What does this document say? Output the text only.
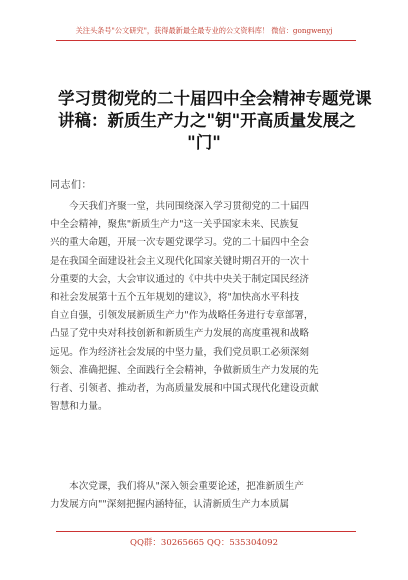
关注头条号"公文研究"，获得最新最全最专业的公文资料库！ 微信：gongwenyj
学习贯彻党的二十届四中全会精神专题党课
讲稿：新质生产力之"钥"开高质量发展之
"门"
同志们：
　　今天我们齐聚一堂，共同围绕深入学习贯彻党的二十届四
中全会精神，聚焦"新质生产力"这一关乎国家未来、民族复
兴的重大命题，开展一次专题党课学习。党的二十届四中全会
是在我国全面建设社会主义现代化国家关键时期召开的一次十
分重要的大会，大会审议通过的《中共中央关于制定国民经济
和社会发展第十五个五年规划的建议》，将"加快高水平科技
自立自强，引领发展新质生产力"作为战略任务进行专章部署，
凸显了党中央对科技创新和新质生产力发展的高度重视和战略
远见。作为经济社会发展的中坚力量，我们党员职工必须深刻
领会、准确把握、全面践行全会精神，争做新质生产力发展的先
行者、引领者、推动者，为高质量发展和中国式现代化建设贡献
智慧和力量。
　　本次党课，我们将从"深入领会重要论述，把准新质生产
力发展方向""深刻把握内涵特征，认清新质生产力本质属
QQ群：30265665 QQ：535304092
